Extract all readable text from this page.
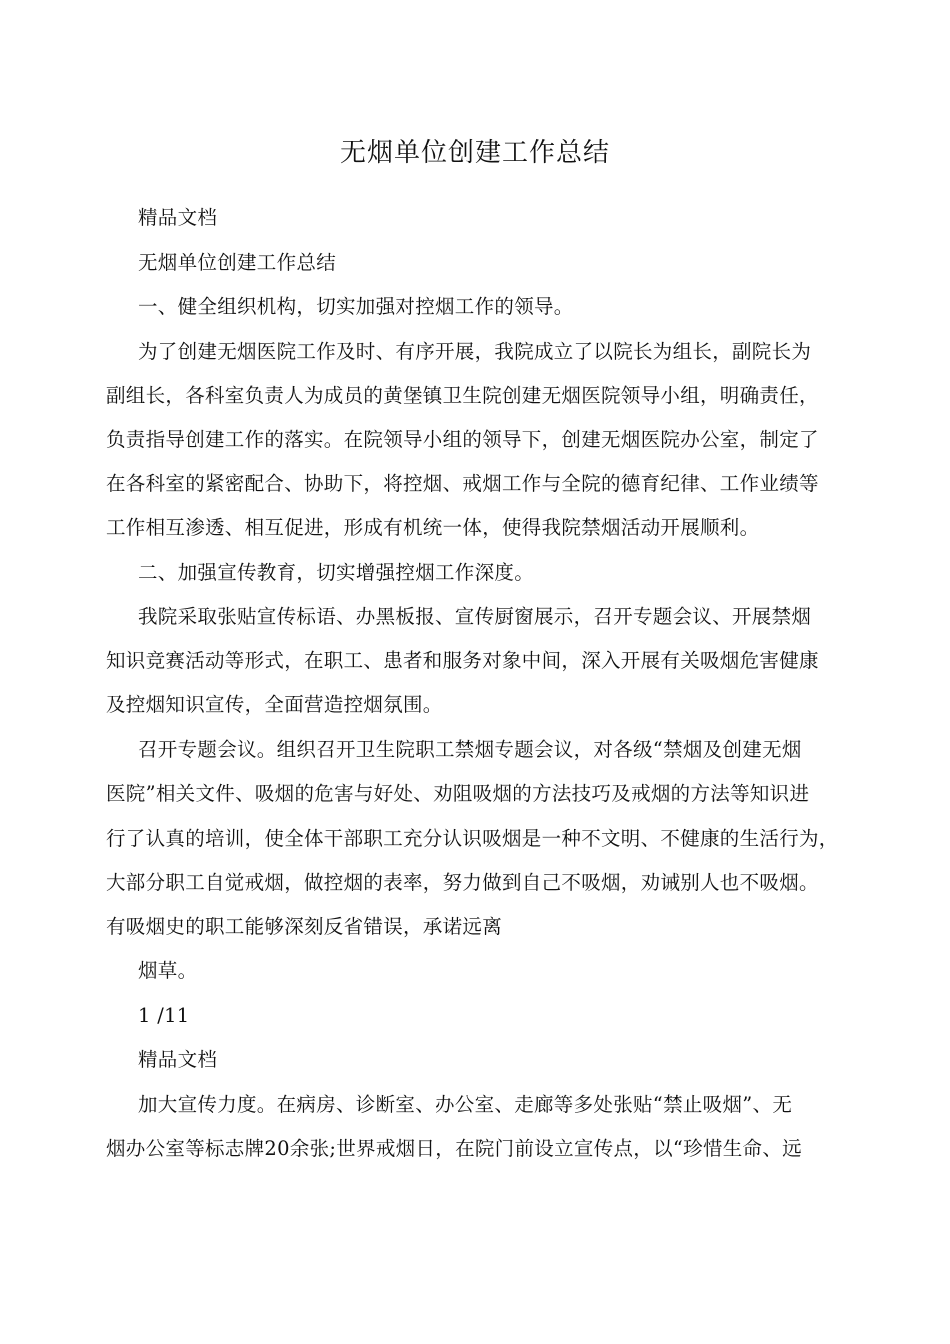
无烟单位创建工作总结
精品文档
无烟单位创建工作总结
一、健全组织机构，切实加强对控烟工作的领导。
为了创建无烟医院工作及时、有序开展，我院成立了以院长为组长，副院长为
副组长，各科室负责人为成员的黄堡镇卫生院创建无烟医院领导小组，明确责任，
负责指导创建工作的落实。在院领导小组的领导下，创建无烟医院办公室，制定了
在各科室的紧密配合、协助下，将控烟、戒烟工作与全院的德育纪律、工作业绩等
工作相互渗透、相互促进，形成有机统一体，使得我院禁烟活动开展顺利。
二、加强宣传教育，切实增强控烟工作深度。
我院采取张贴宣传标语、办黑板报、宣传厨窗展示，召开专题会议、开展禁烟
知识竞赛活动等形式，在职工、患者和服务对象中间，深入开展有关吸烟危害健康
及控烟知识宣传，全面营造控烟氛围。
召开专题会议。组织召开卫生院职工禁烟专题会议，对各级“禁烟及创建无烟
医院”相关文件、吸烟的危害与好处、劝阻吸烟的方法技巧及戒烟的方法等知识进
行了认真的培训，使全体干部职工充分认识吸烟是一种不文明、不健康的生活行为，
大部分职工自觉戒烟，做控烟的表率，努力做到自己不吸烟，劝诫别人也不吸烟。
有吸烟史的职工能够深刻反省错误，承诺远离
烟草。
1 /11
精品文档
加大宣传力度。在病房、诊断室、办公室、走廊等多处张贴“禁止吸烟”、无
烟办公室等标志牌20余张;世界戒烟日，在院门前设立宣传点，以“珍惜生命、远
